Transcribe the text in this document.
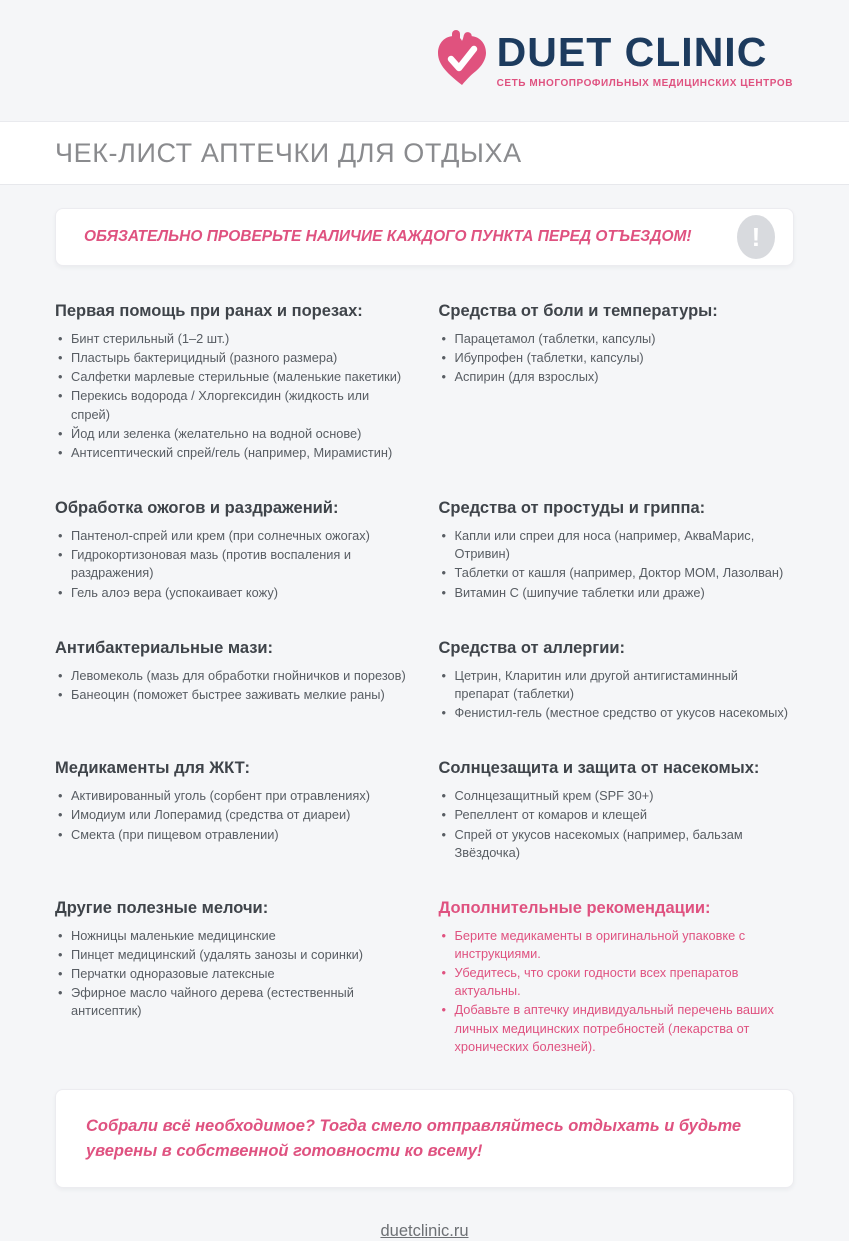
DUET CLINIC
СЕТЬ МНОГОПРОФИЛЬНЫХ МЕДИЦИНСКИХ ЦЕНТРОВ
ЧЕК-ЛИСТ АПТЕЧКИ ДЛЯ ОТДЫХА
ОБЯЗАТЕЛЬНО ПРОВЕРЬТЕ НАЛИЧИЕ КАЖДОГО ПУНКТА ПЕРЕД ОТЪЕЗДОМ!	!
Первая помощь при ранах и порезах:
• Бинт стерильный (1–2 шт.)
• Пластырь бактерицидный (разного размера)
• Салфетки марлевые стерильные (маленькие пакетики)
• Перекись водорода / Хлоргексидин (жидкость или спрей)
• Йод или зеленка (желательно на водной основе)
• Антисептический спрей/гель (например, Мирамистин)
Средства от боли и температуры:
• Парацетамол (таблетки, капсулы)
• Ибупрофен (таблетки, капсулы)
• Аспирин (для взрослых)
Обработка ожогов и раздражений:
• Пантенол-спрей или крем (при солнечных ожогах)
• Гидрокортизоновая мазь (против воспаления и раздражения)
• Гель алоэ вера (успокаивает кожу)
Средства от простуды и гриппа:
• Капли или спреи для носа (например, АкваМарис, Отривин)
• Таблетки от кашля (например, Доктор МОМ, Лазолван)
• Витамин C (шипучие таблетки или драже)
Антибактериальные мази:
• Левомеколь (мазь для обработки гнойничков и порезов)
• Банеоцин (поможет быстрее заживать мелкие раны)
Средства от аллергии:
• Цетрин, Кларитин или другой антигистаминный препарат (таблетки)
• Фенистил-гель (местное средство от укусов насекомых)
Медикаменты для ЖКТ:
• Активированный уголь (сорбент при отравлениях)
• Имодиум или Лоперамид (средства от диареи)
• Смекта (при пищевом отравлении)
Солнцезащита и защита от насекомых:
• Солнцезащитный крем (SPF 30+)
• Репеллент от комаров и клещей
• Спрей от укусов насекомых (например, бальзам Звёздочка)
Другие полезные мелочи:
• Ножницы маленькие медицинские
• Пинцет медицинский (удалять занозы и соринки)
• Перчатки одноразовые латексные
• Эфирное масло чайного дерева (естественный антисептик)
Дополнительные рекомендации:
• Берите медикаменты в оригинальной упаковке с инструкциями.
• Убедитесь, что сроки годности всех препаратов актуальны.
• Добавьте в аптечку индивидуальный перечень ваших личных медицинских потребностей (лекарства от хронических болезней).

Собрали всё необходимое? Тогда смело отправляйтесь отдыхать и будьте уверены в собственной готовности ко всему!

duetclinic.ru
